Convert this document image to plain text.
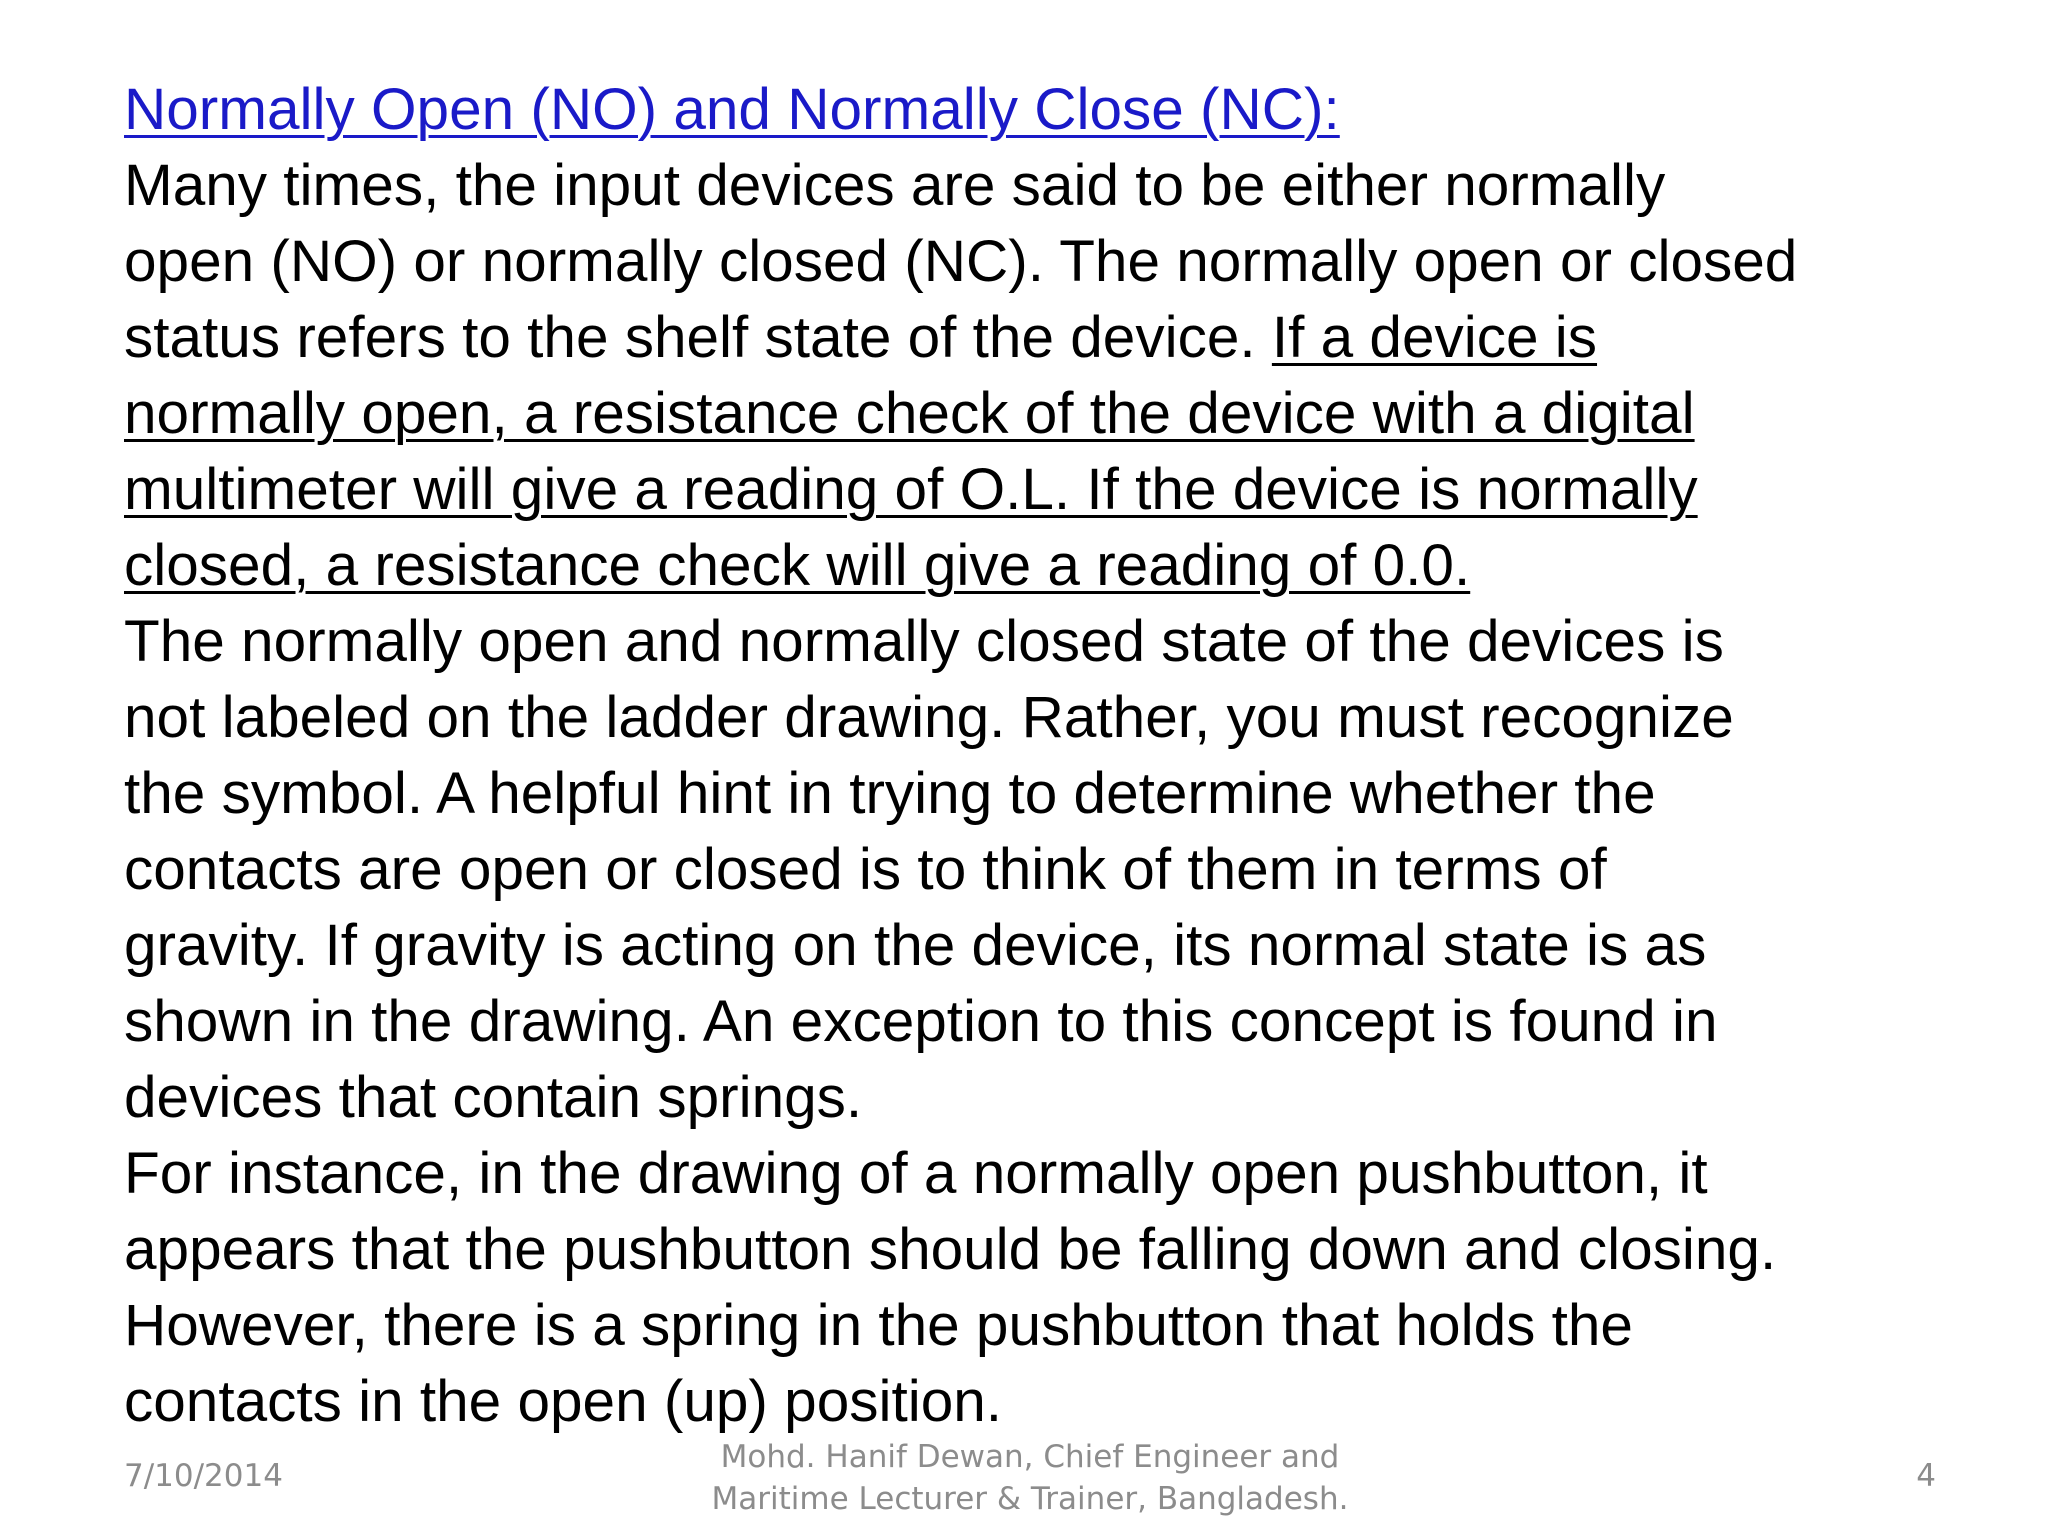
Normally Open (NO) and Normally Close (NC):
Many times, the input devices are said to be either normally
open (NO) or normally closed (NC). The normally open or closed
status refers to the shelf state of the device. If a device is
normally open, a resistance check of the device with a digital
multimeter will give a reading of O.L. If the device is normally
closed, a resistance check will give a reading of 0.0.
The normally open and normally closed state of the devices is
not labeled on the ladder drawing. Rather, you must recognize
the symbol. A helpful hint in trying to determine whether the
contacts are open or closed is to think of them in terms of
gravity. If gravity is acting on the device, its normal state is as
shown in the drawing. An exception to this concept is found in
devices that contain springs.
For instance, in the drawing of a normally open pushbutton, it
appears that the pushbutton should be falling down and closing.
However, there is a spring in the pushbutton that holds the
contacts in the open (up) position.
7/10/2014
Mohd. Hanif Dewan, Chief Engineer and
Maritime Lecturer & Trainer, Bangladesh.
4
